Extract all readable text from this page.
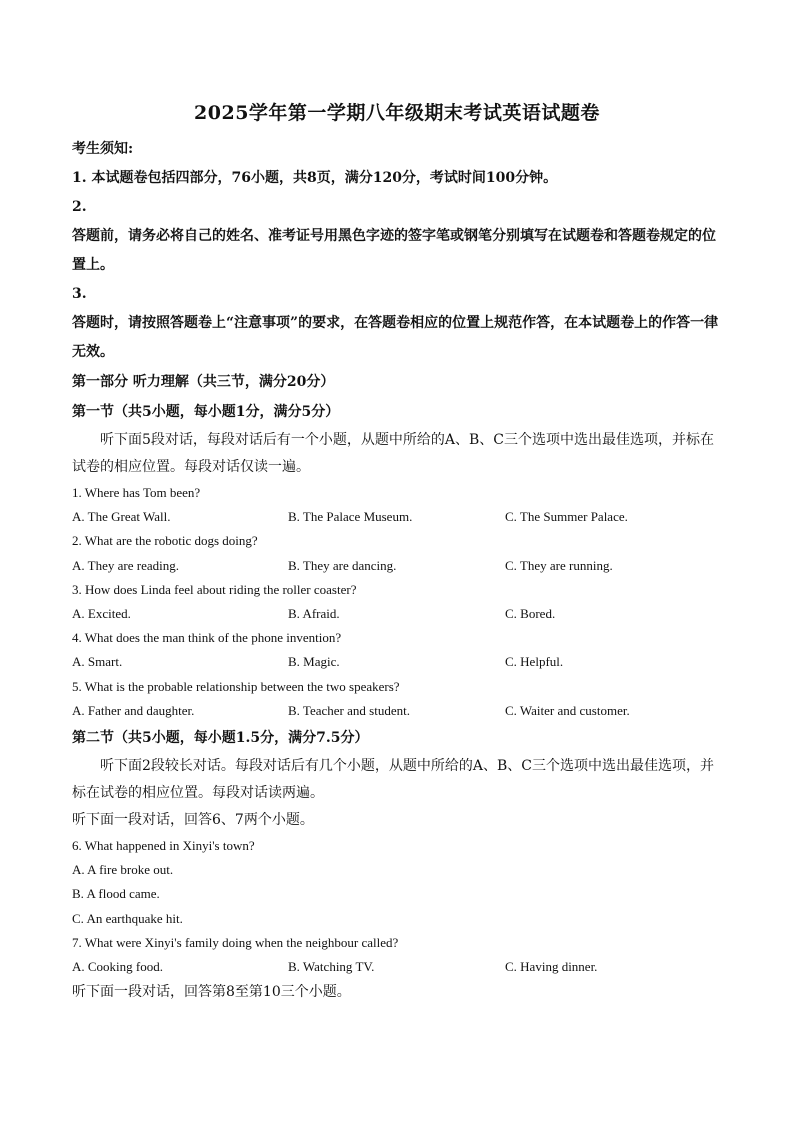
2025学年第一学期八年级期末考试英语试题卷
考生须知:
1. 本试题卷包括四部分，76小题，共8页，满分120分，考试时间100分钟。
2.
答题前，请务必将自己的姓名、准考证号用黑色字迹的签字笔或钢笔分别填写在试题卷和答题卷规定的位置上。
3.
答题时，请按照答题卷上“注意事项”的要求，在答题卷相应的位置上规范作答，在本试题卷上的作答一律无效。
第一部分 听力理解（共三节，满分20分）
第一节（共5小题，每小题1分，满分5分）
听下面5段对话，每段对话后有一个小题，从题中所给的A、B、C三个选项中选出最佳选项，并标在试卷的相应位置。每段对话仅读一遍。
1. Where has Tom been?
A. The Great Wall.	B. The Palace Museum.	C. The Summer Palace.
2. What are the robotic dogs doing?
A. They are reading.	B. They are dancing.	C. They are running.
3. How does Linda feel about riding the roller coaster?
A. Excited.	B. Afraid.	C. Bored.
4. What does the man think of the phone invention?
A. Smart.	B. Magic.	C. Helpful.
5. What is the probable relationship between the two speakers?
A. Father and daughter.	B. Teacher and student.	C. Waiter and customer.
第二节（共5小题，每小题1.5分，满分7.5分）
听下面2段较长对话。每段对话后有几个小题，从题中所给的A、B、C三个选项中选出最佳选项，并标在试卷的相应位置。每段对话读两遍。
听下面一段对话，回答6、7两个小题。
6. What happened in Xinyi's town?
A. A fire broke out.
B. A flood came.
C. An earthquake hit.
7. What were Xinyi's family doing when the neighbour called?
A. Cooking food.	B. Watching TV.	C. Having dinner.
听下面一段对话，回答第8至第10三个小题。
